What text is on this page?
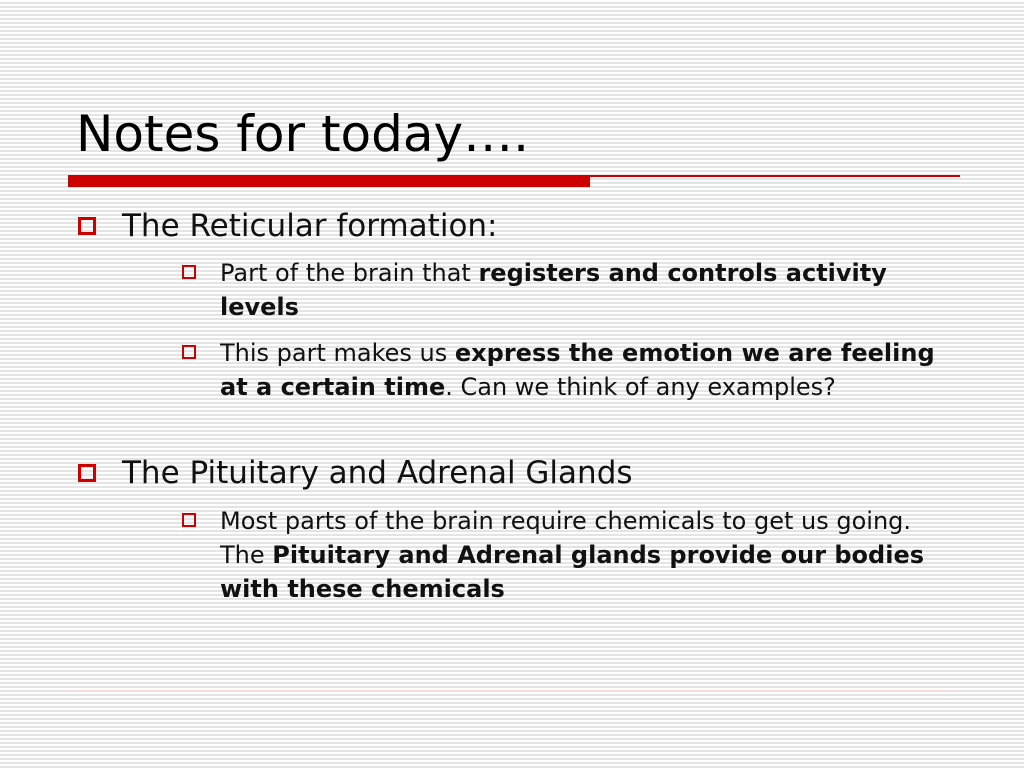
Notes for today….
The Reticular formation:
Part of the brain that registers and controls activity levels
This part makes us express the emotion we are feeling at a certain time. Can we think of any examples?
The Pituitary and Adrenal Glands
Most parts of the brain require chemicals to get us going. The Pituitary and Adrenal glands provide our bodies with these chemicals
